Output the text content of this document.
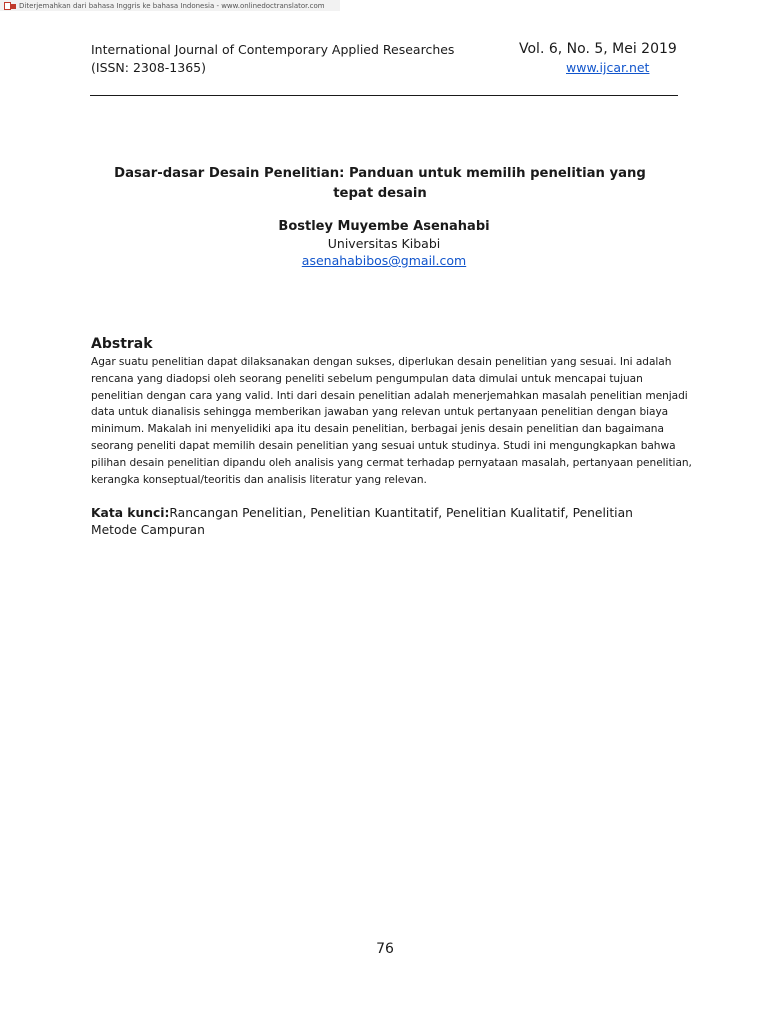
Diterjemahkan dari bahasa Inggris ke bahasa Indonesia - www.onlinedoctranslator.com
International Journal of Contemporary Applied Researches
(ISSN: 2308-1365)
Vol. 6, No. 5, Mei 2019
www.ijcar.net
Dasar-dasar Desain Penelitian: Panduan untuk memilih penelitian yang tepat desain
Bostley Muyembe Asenahabi
Universitas Kibabi
asenahabibos@gmail.com
Abstrak
Agar suatu penelitian dapat dilaksanakan dengan sukses, diperlukan desain penelitian yang sesuai. Ini adalah
rencana yang diadopsi oleh seorang peneliti sebelum pengumpulan data dimulai untuk mencapai tujuan
penelitian dengan cara yang valid. Inti dari desain penelitian adalah menerjemahkan masalah penelitian menjadi
data untuk dianalisis sehingga memberikan jawaban yang relevan untuk pertanyaan penelitian dengan biaya
minimum. Makalah ini menyelidiki apa itu desain penelitian, berbagai jenis desain penelitian dan bagaimana
seorang peneliti dapat memilih desain penelitian yang sesuai untuk studinya. Studi ini mengungkapkan bahwa
pilihan desain penelitian dipandu oleh analisis yang cermat terhadap pernyataan masalah, pertanyaan penelitian,
kerangka konseptual/teoritis dan analisis literatur yang relevan.
Kata kunci:Rancangan Penelitian, Penelitian Kuantitatif, Penelitian Kualitatif, Penelitian Metode Campuran
76
